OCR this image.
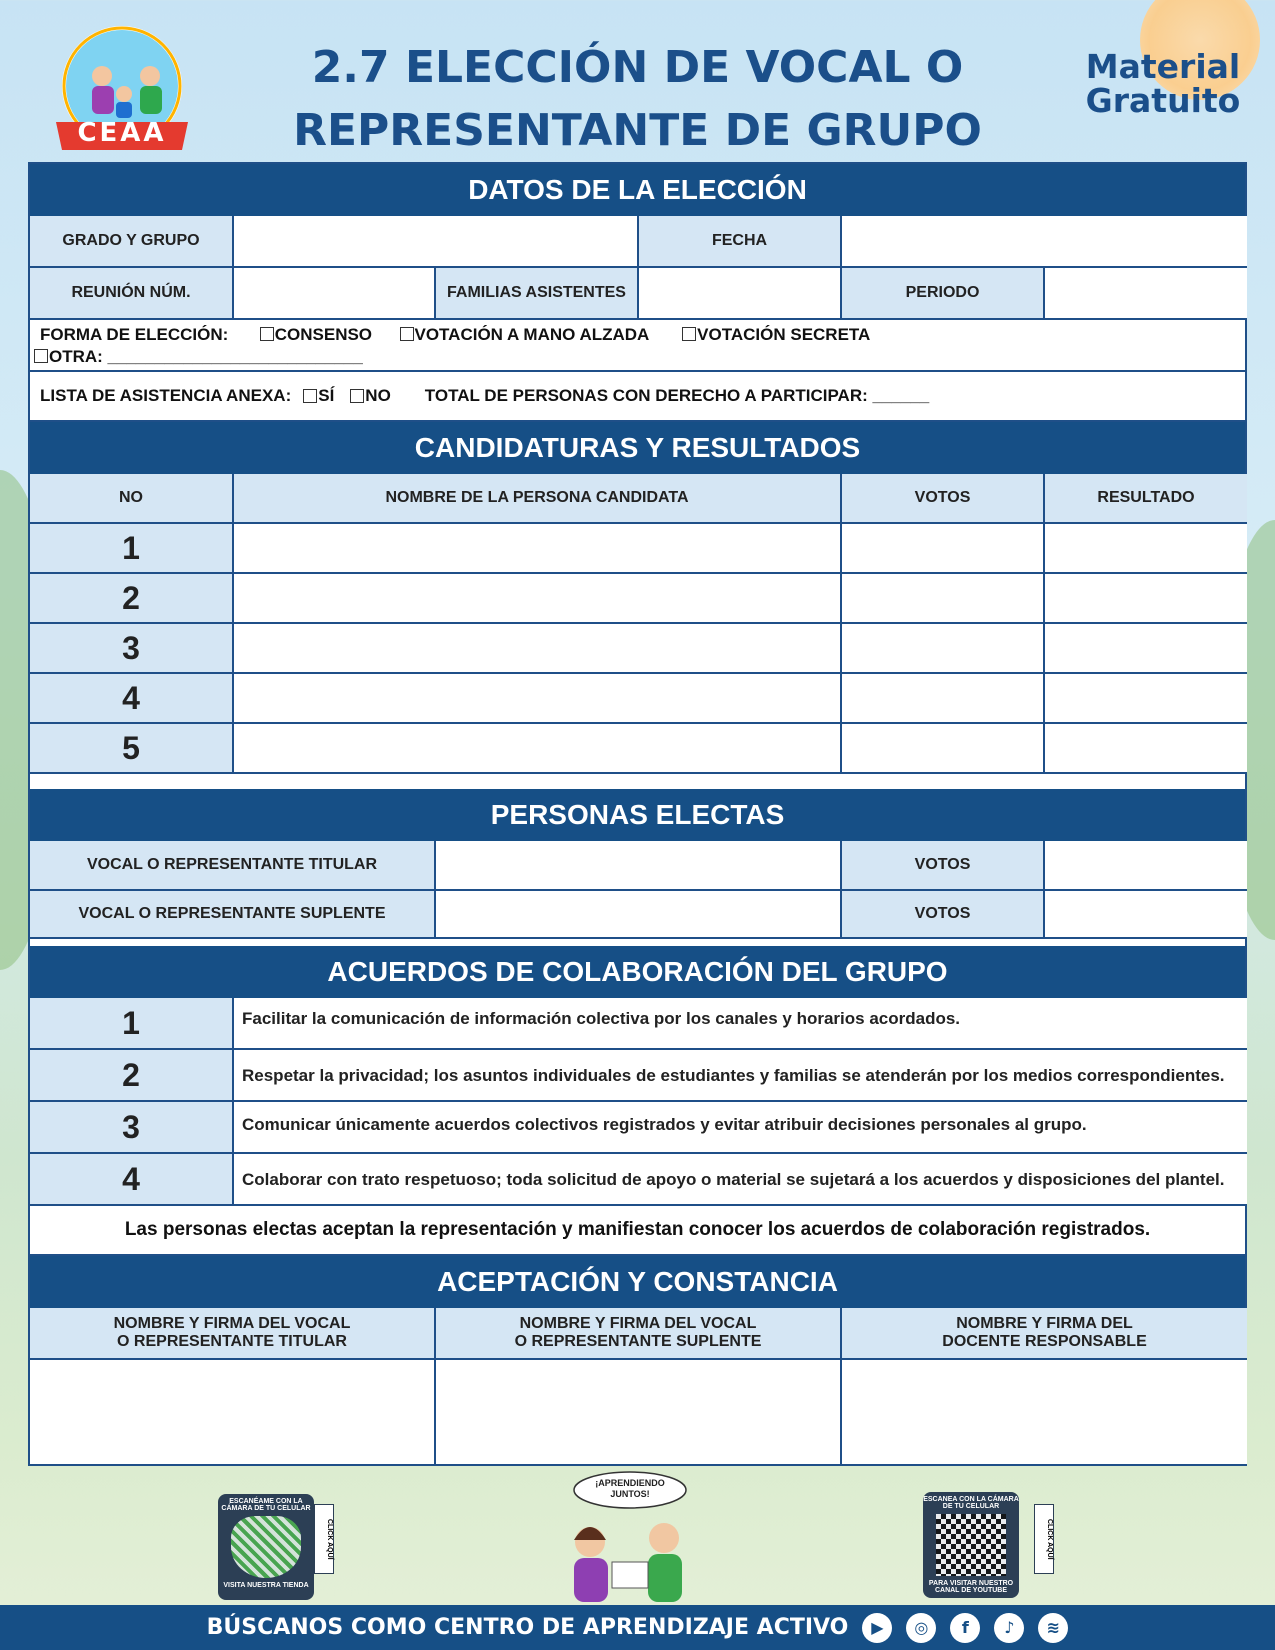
CEAA
2.7 ELECCIÓN DE VOCAL O
REPRESENTANTE DE GRUPO
Material
Gratuito
DATOS DE LA ELECCIÓN
GRADO Y GRUPO	FECHA
REUNIÓN NÚM.	FAMILIAS ASISTENTES	PERIODO
FORMA DE ELECCIÓN:	CONSENSO VOTACIÓN A MANO ALZADA	VOTACIÓN SECRETA
OTRA: ___________________________
LISTA DE ASISTENCIA ANEXA: SÍ NO TOTAL DE PERSONAS CON DERECHO A PARTICIPAR: ______
CANDIDATURAS Y RESULTADOS
NO	NOMBRE DE LA PERSONA CANDIDATA	VOTOS	RESULTADO
1
2
3
4
5
PERSONAS ELECTAS
VOCAL O REPRESENTANTE TITULAR	VOTOS
VOCAL O REPRESENTANTE SUPLENTE	VOTOS
ACUERDOS DE COLABORACIÓN DEL GRUPO
1	Facilitar la comunicación de información colectiva por los canales y horarios acordados.
2	Respetar la privacidad; los asuntos individuales de estudiantes y familias se atenderán por los medios correspondientes.
3	Comunicar únicamente acuerdos colectivos registrados y evitar atribuir decisiones personales al grupo.
4	Colaborar con trato respetuoso; toda solicitud de apoyo o material se sujetará a los acuerdos y disposiciones del plantel.
Las personas electas aceptan la representación y manifiestan conocer los acuerdos de colaboración registrados.
ACEPTACIÓN Y CONSTANCIA
NOMBRE Y FIRMA DEL VOCAL
O REPRESENTANTE TITULAR
NOMBRE Y FIRMA DEL VOCAL
O REPRESENTANTE SUPLENTE
NOMBRE Y FIRMA DEL
DOCENTE RESPONSABLE
ESCANÉAME CON LA CÁMARA DE TU CELULAR
VISITA NUESTRA TIENDA
CLICK AQUÍ
¡APRENDIENDO JUNTOS!
ESCANEA CON LA CÁMARA DE TU CELULAR
PARA VISITAR NUESTRO CANAL DE YOUTUBE
CLICK AQUÍ
BÚSCANOS COMO CENTRO DE APRENDIZAJE ACTIVO	▶	◎	f	♪	≋
